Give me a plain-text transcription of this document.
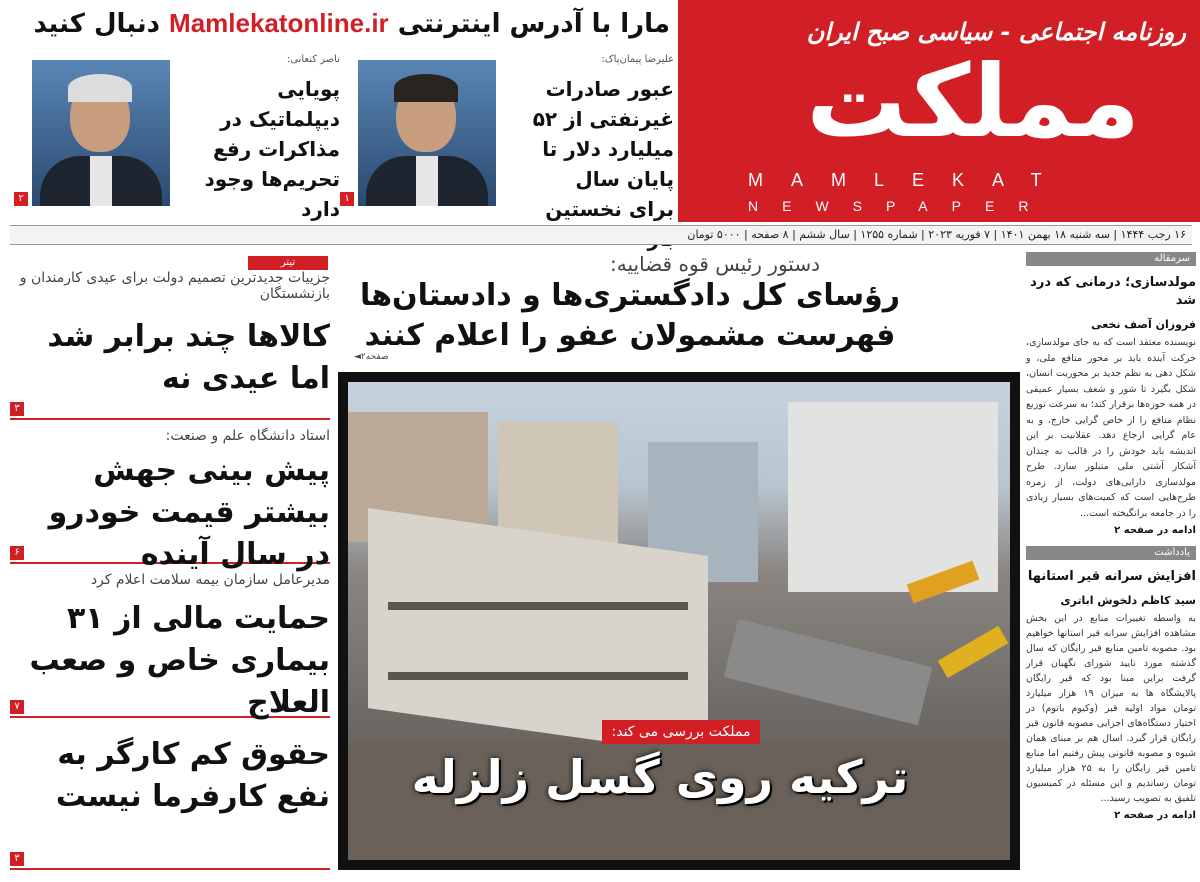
مارا با آدرس اینترنتی Mamlekatonline.ir دنبال کنید	روزنامه اجتماعی - سیاسی صبح ایران
مملکت
MAMLEKAT
NEWSPAPER
ناصر کنعانی:
پویایی دیپلماتیک در مذاکرات رفع تحریم‌ها وجود دارد
۲
علیرضا پیمان‌پاک:
عبور صادرات غیرنفتی از ۵۲ میلیارد دلار تا پایان سال برای نخستین
۱
۱۶ رجب ۱۴۴۴ | سه شنبه ۱۸ بهمن ۱۴۰۱ | ۷ فوریه ۲۰۲۳ | شماره ۱۲۵۵ | سال ششم | ۸ صفحه | ۵۰۰۰ تومان
تیتر
جزییات جدیدترین تصمیم دولت برای عیدی کارمندان و بازنشستگان
کالاها چند برابر شد اما عیدی نه
۳
استاد دانشگاه علم و صنعت:
پیش بینی جهش بیشتر قیمت خودرو در سال آینده
۶
مدیرعامل سازمان بیمه سلامت اعلام کرد
حمایت مالی از ۳۱ بیماری خاص و صعب العلاج
۷
حقوق کم کارگر به نفع کارفرما نیست
۳
دستور رئیس قوه قضاییه:
رؤسای کل دادگستری‌ها و دادستان‌ها
فهرست مشمولان عفو را اعلام کنند
◄صفحه۲
مملکت بررسی می کند:
ترکیه روی گسل زلزله
سرمقاله
مولدسازی؛ درمانی که درد شد
فروزان آصف نخعی
نویسنده معتقد است که به جای مولدسازی، حرکت آینده باید بر محور منافع ملی، و شکل دهی به نظم جدید بر محوریت انسان، شکل بگیرد تا شور و شعف بسیار عمیقی در همه حوزه‌ها برقرار کند؛ به سرعت توزیع نظام منافع را از خاص گرایی خارج، و به عام گرایی ارجاع دهد. عقلانیت بر این اندیشه باید خودش را در قالب نه چندان آشکار آشتی ملی متبلور سازد. طرح مولدسازی دارایی‌های دولت، از زمره طرح‌هایی است که کمیت‌های بسیار زیادی را در جامعه برانگیخته است...
ادامه در صفحه ۲
یادداشت
افزایش سرانه قیر استانها
سید کاظم دلخوش اباتری
به واسطه تغییرات منابع در این بخش مشاهده افزایش سرانه قیر استانها خواهیم بود. مصوبه تامین منابع قیر رایگان که سال گذشته مورد تایید شورای نگهبان قرار گرفت براین مبنا بود که قیر رایگان پالایشگاه ها به میزان ۱۹ هزار میلیارد تومان مواد اولیه قیر (وکیوم باتوم) در اختیار دستگاه‌های اجرایی مصوبه قانون قیر رایگان قرار گیرد. اسال هم بر مبنای همان شیوه و مصوبه قانونی پیش رفتیم اما منابع تامین قیر رایگان را به ۲۵ هزار میلیارد تومان رساندیم و این مسئله در کمیسیون تلفیق به تصویب رسید...
ادامه در صفحه ۲
